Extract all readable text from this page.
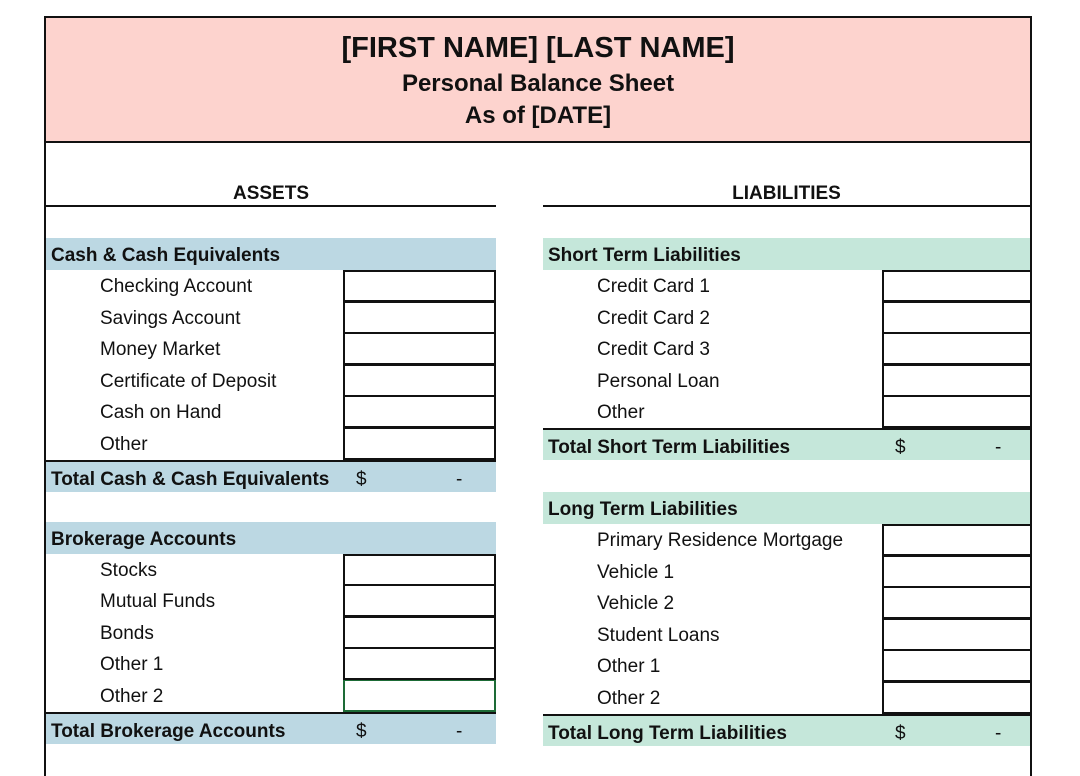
[FIRST NAME] [LAST NAME]
Personal Balance Sheet
As of [DATE]
ASSETS
Cash & Cash Equivalents
Checking Account
Savings Account
Money Market
Certificate of Deposit
Cash on Hand
Other
Total Cash & Cash Equivalents $	-
Brokerage Accounts
Stocks
Mutual Funds
Bonds
Other 1
Other 2
Total Brokerage Accounts	$	-
LIABILITIES
Short Term Liabilities
Credit Card 1
Credit Card 2
Credit Card 3
Personal Loan
Other
Total Short Term Liabilities	$	-
Long Term Liabilities
Primary Residence Mortgage
Vehicle 1
Vehicle 2
Student Loans
Other 1
Other 2
Total Long Term Liabilities	$	-
